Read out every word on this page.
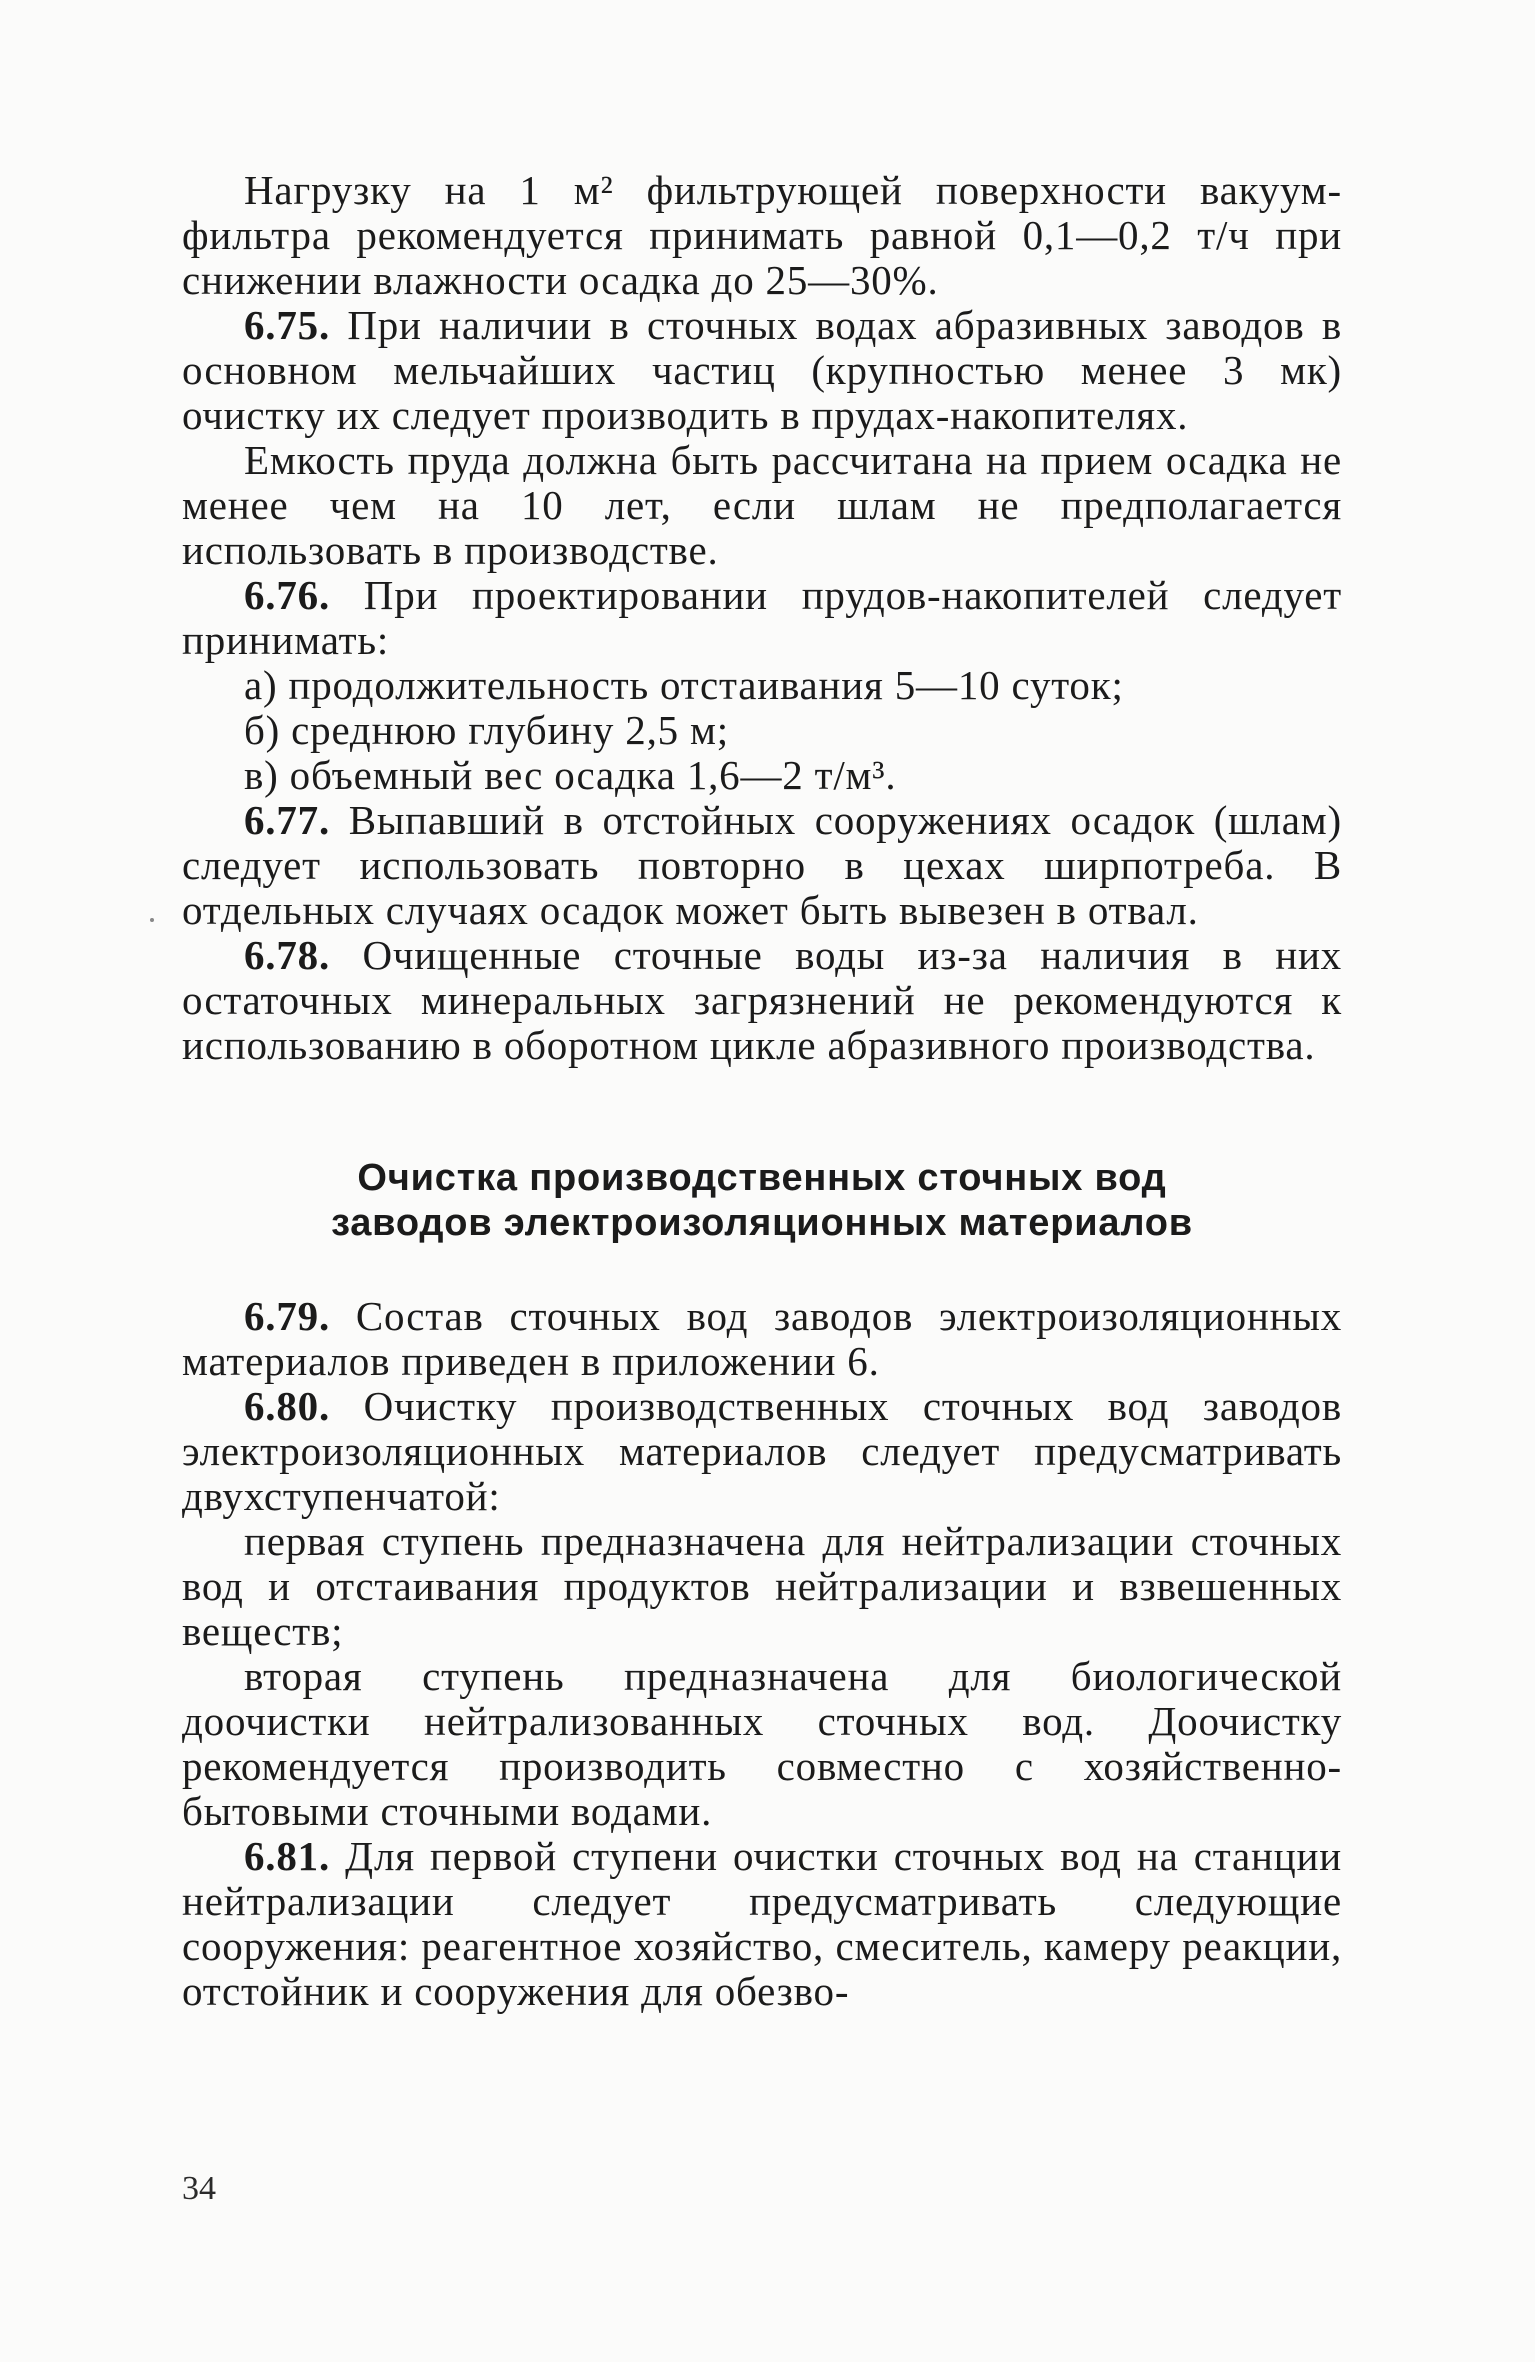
Нагрузку на 1 м² фильтрующей поверхности вакуум-фильтра рекомендуется принимать равной 0,1—0,2 т/ч при снижении влажности осадка до 25—30%.

6.75. При наличии в сточных водах абразивных заводов в основном мельчайших частиц (крупностью менее 3 мк) очистку их следует производить в прудах-накопителях.

Емкость пруда должна быть рассчитана на прием осадка не менее чем на 10 лет, если шлам не предполагается использовать в производстве.

6.76. При проектировании прудов-накопителей следует принимать:

а) продолжительность отстаивания 5—10 суток;

б) среднюю глубину 2,5 м;

в) объемный вес осадка 1,6—2 т/м³.

6.77. Выпавший в отстойных сооружениях осадок (шлам) следует использовать повторно в цехах ширпотреба. В отдельных случаях осадок может быть вывезен в отвал.

6.78. Очищенные сточные воды из-за наличия в них остаточных минеральных загрязнений не рекомендуются к использованию в оборотном цикле абразивного производства.

Очистка производственных сточных вод

заводов электроизоляционных материалов

6.79. Состав сточных вод заводов электроизоляционных материалов приведен в приложении 6.

6.80. Очистку производственных сточных вод заводов электроизоляционных материалов следует предусматривать двухступенчатой:

первая ступень предназначена для нейтрализации сточных вод и отстаивания продуктов нейтрализации и взвешенных веществ;

вторая ступень предназначена для биологической доочистки нейтрализованных сточных вод. Доочистку рекомендуется производить совместно с хозяйственно-бытовыми сточными водами.

6.81. Для первой ступени очистки сточных вод на станции нейтрализации следует предусматривать следующие сооружения: реагентное хозяйство, смеситель, камеру реакции, отстойник и сооружения для обезво-

34
